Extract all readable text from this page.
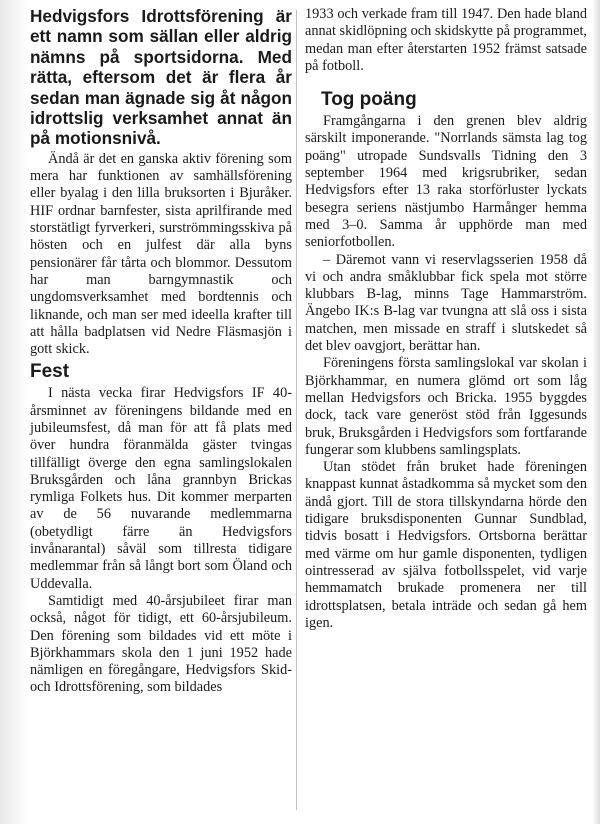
Hedvigsfors Idrottsförening är ett namn som sällan eller aldrig nämns på sportsidorna. Med rätta, eftersom det är flera år sedan man ägnade sig åt någon idrottslig verksamhet annat än på motionsnivå.

Ändå är det en ganska aktiv förening som mera har funktionen av samhällsförening eller byalag i den lilla bruksorten i Bjuråker. HIF ordnar barnfester, sista aprilfirande med storstätligt fyrverkeri, surströmmingsskiva på hösten och en julfest där alla byns pensionärer får tårta och blommor. Dessutom har man barngymnastik och ungdomsverksamhet med bordtennis och liknande, och man ser med ideella krafter till att hålla badplatsen vid Nedre Fläsmasjön i gott skick.

Fest

I nästa vecka firar Hedvigsfors IF 40-årsminnet av föreningens bildande med en jubileumsfest, då man för att få plats med över hundra föranmälda gäster tvingas tillfälligt överge den egna samlingslokalen Bruksgården och låna grannbyn Brickas rymliga Folkets hus. Dit kommer merparten av de 56 nuvarande medlemmarna (obetydligt färre än Hedvigsfors invånarantal) såväl som tillresta tidigare medlemmar från så långt bort som Öland och Uddevalla.

Samtidigt med 40-årsjubileet firar man också, något för tidigt, ett 60-årsjubileum. Den förening som bildades vid ett möte i Björkhammars skola den 1 juni 1952 hade nämligen en föregångare, Hedvigsfors Skid- och Idrottsförening, som bildades

1933 och verkade fram till 1947. Den hade bland annat skidlöpning och skidskytte på programmet, medan man efter återstarten 1952 främst satsade på fotboll.

Tog poäng

Framgångarna i den grenen blev aldrig särskilt imponerande. "Norrlands sämsta lag tog poäng" utropade Sundsvalls Tidning den 3 september 1964 med krigsrubriker, sedan Hedvigsfors efter 13 raka storförluster lyckats besegra seriens nästjumbo Harmånger hemma med 3–0. Samma år upphörde man med seniorfotbollen.

– Däremot vann vi reservlagsserien 1958 då vi och andra småklubbar fick spela mot större klubbars B-lag, minns Tage Hammarström. Ängebo IK:s B-lag var tvungna att slå oss i sista matchen, men missade en straff i slutskedet så det blev oavgjort, berättar han.

Föreningens första samlingslokal var skolan i Björkhammar, en numera glömd ort som låg mellan Hedvigsfors och Bricka. 1955 byggdes dock, tack vare generöst stöd från Iggesunds bruk, Bruksgården i Hedvigsfors som fortfarande fungerar som klubbens samlingsplats.

Utan stödet från bruket hade föreningen knappast kunnat åstadkomma så mycket som den ändå gjort. Till de stora tillskyndarna hörde den tidigare bruksdisponenten Gunnar Sundblad, tidvis bosatt i Hedvigsfors. Ortsborna berättar med värme om hur gamle disponenten, tydligen ointresserad av själva fotbollsspelet, vid varje hemmamatch brukade promenera ner till idrottsplatsen, betala inträde och sedan gå hem igen.
